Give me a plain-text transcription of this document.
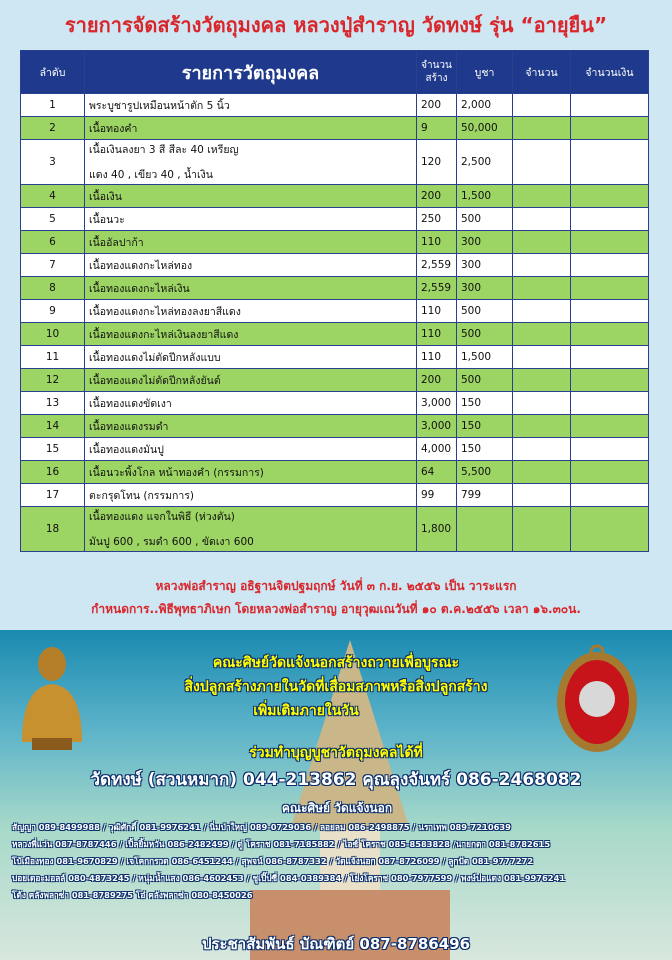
รายการจัดสร้างวัตถุมงคล หลวงปู่สำราญ วัดทงษ์ รุ่น “อายุยืน”
ลำดับ	รายการวัตถุมงคล	จำนวนสร้าง	บูชา	จำนวน	จำนวนเงิน
1	พระบูชารูปเหมือนหน้าตัก 5 นิ้ว	200	2,000		
2	เนื้อทองคำ	9	50,000		
3	เนื้อเงินลงยา 3 สี สีละ 40 เหรียญ
แดง 40 , เขียว 40 , น้ำเงิน	120	2,500		
4	เนื้อเงิน	200	1,500		
5	เนื้อนวะ	250	500		
6	เนื้ออัลปาก้า	110	300		
7	เนื้อทองแดงกะไหล่ทอง	2,559	300		
8	เนื้อทองแดงกะไหล่เงิน	2,559	300		
9	เนื้อทองแดงกะไหล่ทองลงยาสีแดง	110	500		
10	เนื้อทองแดงกะไหล่เงินลงยาสีแดง	110	500		
11	เนื้อทองแดงไม่ตัดปีกหลังแบบ	110	1,500		
12	เนื้อทองแดงไม่ตัดปีกหลังยันต์	200	500		
13	เนื้อทองแดงขัดเงา	3,000	150		
14	เนื้อทองแดงรมดำ	3,000	150		
15	เนื้อทองแดงมันปู	4,000	150		
16	เนื้อนวะพิ้งโกล หน้าทองคำ (กรรมการ)	64	5,500		
17	ตะกรุดโทน (กรรมการ)	99	799		
18	เนื้อทองแดง แจกในพิธี (ห่วงตัน)
มันปู 600 , รมดำ 600 , ขัดเงา 600	1,800			
หลวงพ่อสำราญ อธิฐานจิตปฐมฤกษ์ วันที่ ๓ ก.ย. ๒๕๕๖ เป็น วาระแรก
กำหนดการ..พิธีพุทธาภิเษก โดยหลวงพ่อสำราญ อายุวุฒเณวันที่ ๑๐ ต.ค.๒๕๕๖ เวลา ๑๖.๓๐น.
คณะศิษย์วัดแจ้งนอกสร้างถวายเพื่อบูรณะ
สิ่งปลูกสร้างภายในวัดที่เสื่อมสภาพหรือสิ่งปลูกสร้าง
เพิ่มเติมภายในวัน
ร่วมทำบุญบูชาวัตถุมงคลได้ที่
วัดทงษ์ (สวนหมาก) 044-213862 คุณลุงจันทร์ 086-2468082
คณะศิษย์ วัดแจ้งนอก
สัญญา 089-8499988 / วุฒิศักดิ์ 081-9976241 / นิ่มป่าใหญ่ 089-0729036 / ลอยลม 086-2498875 / นราเทพ 089-7210639
หลวงพี่แว่น 087-8787446 / เปิ้ลยิ้มหวัน 086-2482499 / ตู่ โคราช 081-7185882 / ไอซ์ โคราช 085-8583828 /นายกตา 081-8782615
โบ้เมืองทอง 081-9670829 / เจโคกกรวด 086-6451244 / สุพจน์ 086-8787332 / วัดแจ้งนอก 087-8726099 / ลูกปัด 081-9777272
บอยเดอะมอลล์ 080-4873245 / หนุ่มน้ำแสง 086-4602453 / ชูเปิ๊ปซี่ 084-0389384 / โย่งโคราช 080-7977599 / พงษ์ปอแดง 081-9976241
โต้ง คลังพลาซ่า 081-8789275 โอ๋ คลังพลาซ่า 080-8450026
ประชาสัมพันธ์ บัณฑิตย์ 087-8786496
